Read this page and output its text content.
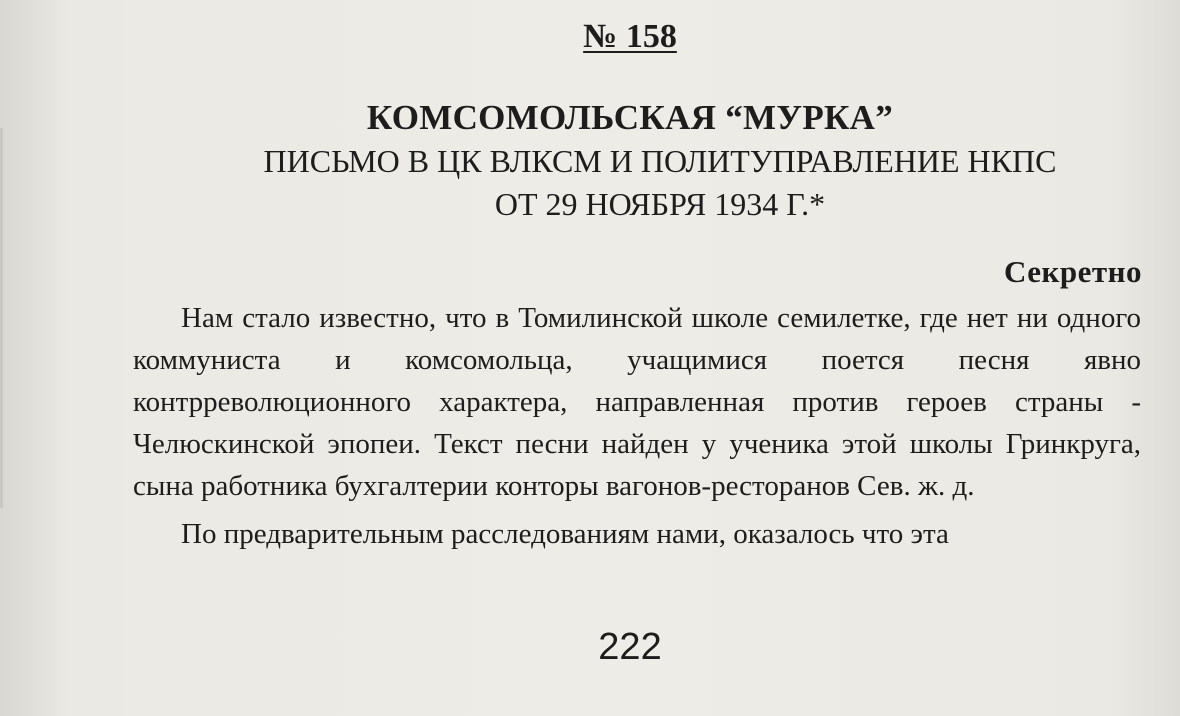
№ 158
КОМСОМОЛЬСКАЯ “МУРКА”
ПИСЬМО В ЦК ВЛКСМ И ПОЛИТУПРАВЛЕНИЕ НКПС
ОТ 29 НОЯБРЯ 1934 Г.*
Секретно

Нам стало известно, что в Томилинской школе семилетке, где нет ни одного коммуниста и комсомольца, учащимися поется песня явно контрреволюционного характера, направленная против героев страны - Челюскинской эпопеи. Текст песни найден у ученика этой школы Гринкруга, сына работника бухгалтерии конторы вагонов-ресторанов Сев. ж. д.

По предварительным расследованиям нами, оказалось что эта

222
